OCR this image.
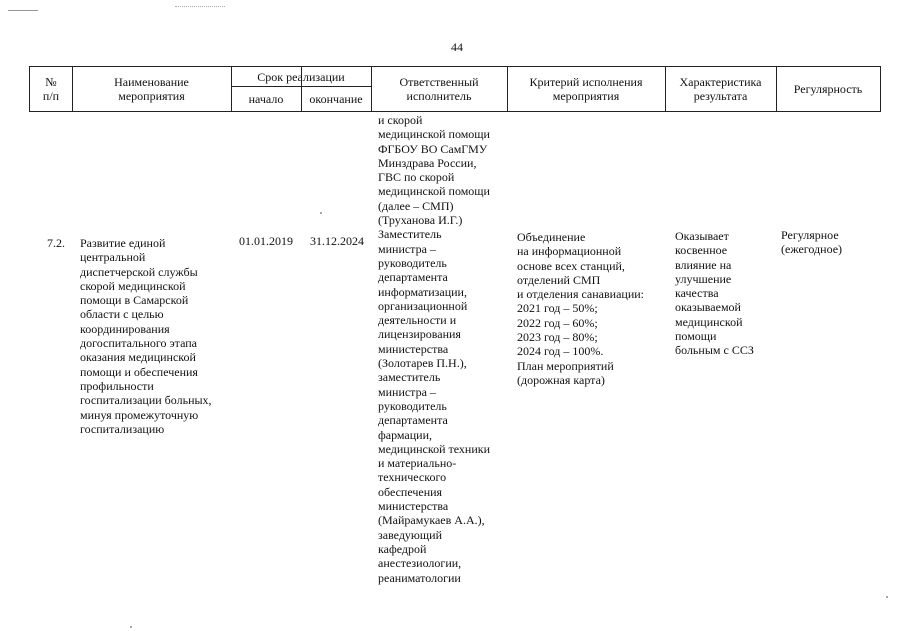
44
№
п/п
Наименование
мероприятия
Срок реализации
начало	окончание
Ответственный
исполнитель
Критерий исполнения
мероприятия
Характеристика
результата	Регулярность
7.2. Развитие единой
центральной
диспетчерской службы
скорой медицинской
помощи в Самарской
области с целью
координирования
догоспитального этапа
оказания медицинской
помощи и обеспечения
профильности
госпитализации больных,
минуя промежуточную
госпитализацию
01.01.2019 31.12.2024
и скорой
медицинской помощи
ФГБОУ ВО СамГМУ
Минздрава России,
ГВС по скорой
медицинской помощи
(далее – СМП)
(Труханова И.Г.)
Заместитель
министра –
руководитель
департамента
информатизации,
организационной
деятельности и
лицензирования
министерства
(Золотарев П.Н.),
заместитель
министра –
руководитель
департамента
фармации,
медицинской техники
и материально-
технического
обеспечения
министерства
(Майрамукаев А.А.),
заведующий
кафедрой
анестезиологии,
реаниматологии
Объединение
на информационной
основе всех станций,
отделений СМП
и отделения санавиации:
2021 год – 50%;
2022 год – 60%;
2023 год – 80%;
2024 год – 100%.
План мероприятий
(дорожная карта)
Оказывает
косвенное
влияние на
улучшение
качества
оказываемой
медицинской
помощи
больным с ССЗ
Регулярное
(ежегодное)
